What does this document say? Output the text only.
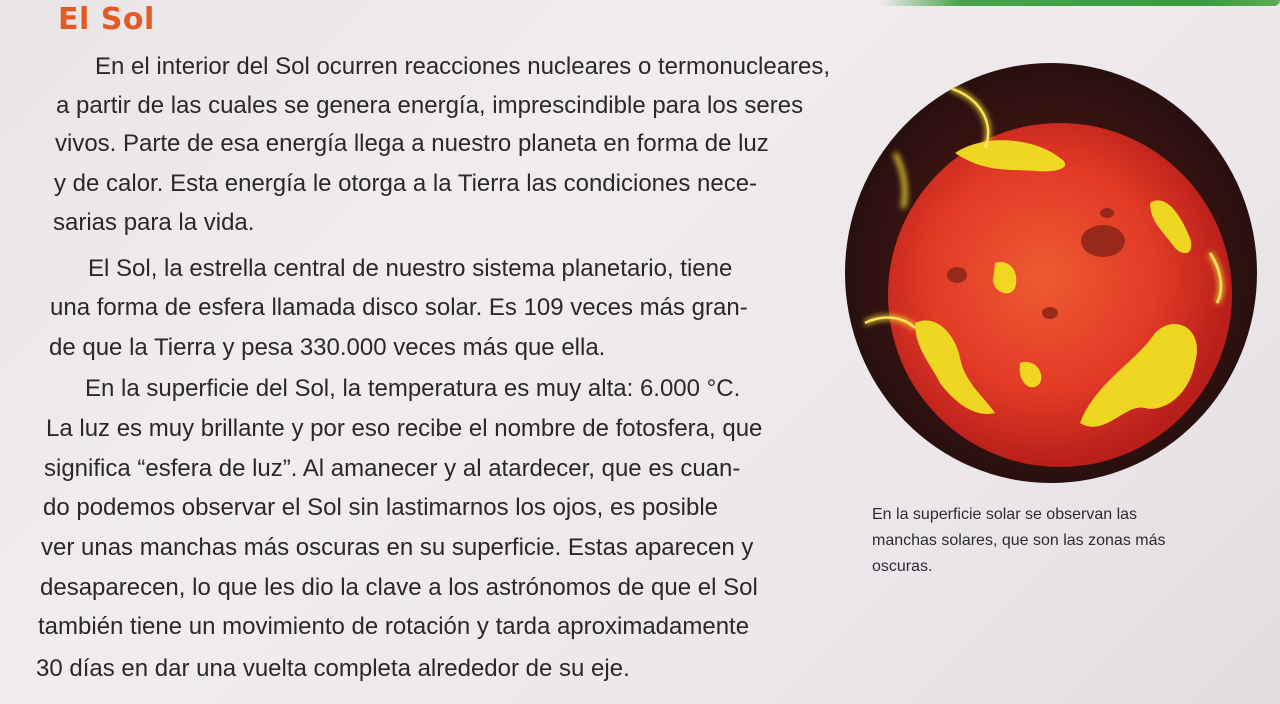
El Sol
En el interior del Sol ocurren reacciones nucleares o termonucleares,
a partir de las cuales se genera energía, imprescindible para los seres
vivos. Parte de esa energía llega a nuestro planeta en forma de luz
y de calor. Esta energía le otorga a la Tierra las condiciones nece-
sarias para la vida.
El Sol, la estrella central de nuestro sistema planetario, tiene
una forma de esfera llamada disco solar. Es 109 veces más gran-
de que la Tierra y pesa 330.000 veces más que ella.
En la superficie del Sol, la temperatura es muy alta: 6.000 °C.
La luz es muy brillante y por eso recibe el nombre de fotosfera, que
significa “esfera de luz”. Al amanecer y al atardecer, que es cuan-
do podemos observar el Sol sin lastimarnos los ojos, es posible
ver unas manchas más oscuras en su superficie. Estas aparecen y
desaparecen, lo que les dio la clave a los astrónomos de que el Sol
también tiene un movimiento de rotación y tarda aproximadamente
30 días en dar una vuelta completa alrededor de su eje.
En la superficie solar se observan las
manchas solares, que son las zonas más
oscuras.
